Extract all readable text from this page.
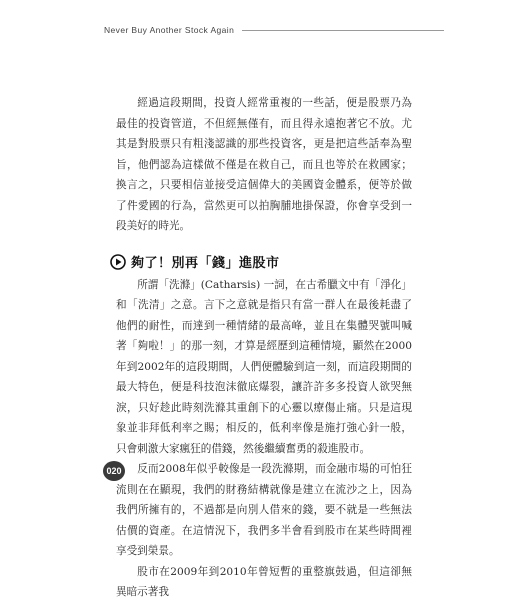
Never Buy Another Stock Again

經過這段期間，投資人經常重複的一些話，便是股票乃為最佳的投資管道，不但經無僅有，而且得永遠抱著它不放。尤其是對股票只有粗淺認識的那些投資客，更是把這些話奉為聖旨，他們認為這樣做不僅是在救自己，而且也等於在救國家；換言之，只要相信並接受這個偉大的美國資金體系，便等於做了件愛國的行為，當然更可以拍胸脯地掛保證，你會享受到一段美好的時光。

夠了！別再「錢」進股市

所謂「洗滌」(Catharsis) 一詞，在古希臘文中有「淨化」和「洗清」之意。言下之意就是指只有當一群人在最後耗盡了他們的耐性，而達到一種情緒的最高峰，並且在集體哭號叫喊著「夠啦！」的那一刻，才算是經歷到這種情境，顯然在2000年到2002年的這段期間，人們便體驗到這一刻，而這段期間的最大特色，便是科技泡沫徹底爆裂，讓許許多多投資人欲哭無淚，只好趁此時刻洗滌其重創下的心靈以療傷止痛。只是這現象並非拜低利率之賜；相反的，低利率像是施打強心針一般，只會刺激大家瘋狂的借錢，然後繼續奮勇的殺進股市。

反而2008年似乎較像是一段洗滌期，而金融市場的可怕狂流則在在顯現，我們的財務結構就像是建立在流沙之上，因為我們所擁有的，不過都是向別人借來的錢，要不就是一些無法估價的資產。在這情況下，我們多半會看到股市在某些時間裡享受到榮景。

股市在2009年到2010年曾短暫的重整旗鼓過，但這卻無異暗示著我

020
